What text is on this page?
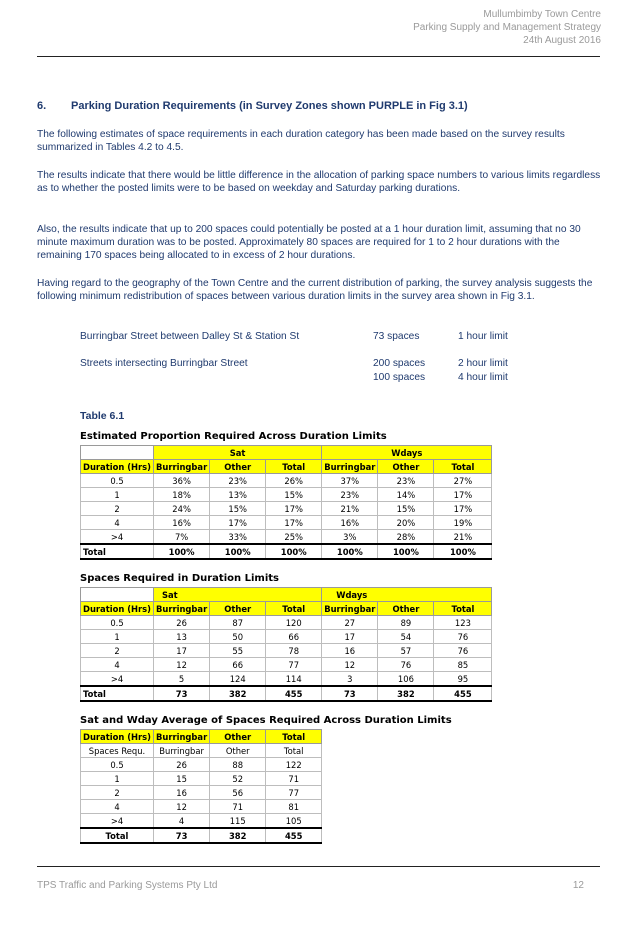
Mullumbimby Town Centre
Parking Supply and Management Strategy
24th August 2016
6. Parking Duration Requirements (in Survey Zones shown PURPLE in Fig 3.1)
The following estimates of space requirements in each duration category has been made based on the survey results summarized in Tables 4.2 to 4.5.
The results indicate that there would be little difference in the allocation of parking space numbers to various limits regardless as to whether the posted limits were to be based on weekday and Saturday parking durations.
Also, the results indicate that up to 200 spaces could potentially be posted at a 1 hour duration limit, assuming that no 30 minute maximum duration was to be posted. Approximately 80 spaces are required for 1 to 2 hour durations with the remaining 170 spaces being allocated to in excess of 2 hour durations.
Having regard to the geography of the Town Centre and the current distribution of parking, the survey analysis suggests the following minimum redistribution of spaces between various duration limits in the survey area shown in Fig 3.1.
Burringbar Street between Dalley St & Station St	73 spaces	1 hour limit
Streets intersecting Burringbar Street	200 spaces	2 hour limit
100 spaces	4 hour limit
Table 6.1
Estimated Proportion Required Across Duration Limits
	Sat			Wdays		
Duration (Hrs)	Burringbar	Other	Total	Burringbar	Other	Total
0.5	36%	23%	26%	37%	23%	27%
1	18%	13%	15%	23%	14%	17%
2	24%	15%	17%	21%	15%	17%
4	16%	17%	17%	16%	20%	19%
>4	7%	33%	25%	3%	28%	21%
Total	100%	100%	100%	100%	100%	100%
Spaces Required in Duration Limits
	Sat			Wdays		
Duration (Hrs)	Burringbar	Other	Total	Burringbar	Other	Total
0.5	26	87	120	27	89	123
1	13	50	66	17	54	76
2	17	55	78	16	57	76
4	12	66	77	12	76	85
>4	5	124	114	3	106	95
Total	73	382	455	73	382	455
Sat and Wday Average of Spaces Required Across Duration Limits
Duration (Hrs)	Burringbar	Other	Total
Spaces Requ.	Burringbar	Other	Total
0.5	26	88	122
1	15	52	71
2	16	56	77
4	12	71	81
>4	4	115	105
Total	73	382	455
TPS Traffic and Parking Systems Pty Ltd	12
